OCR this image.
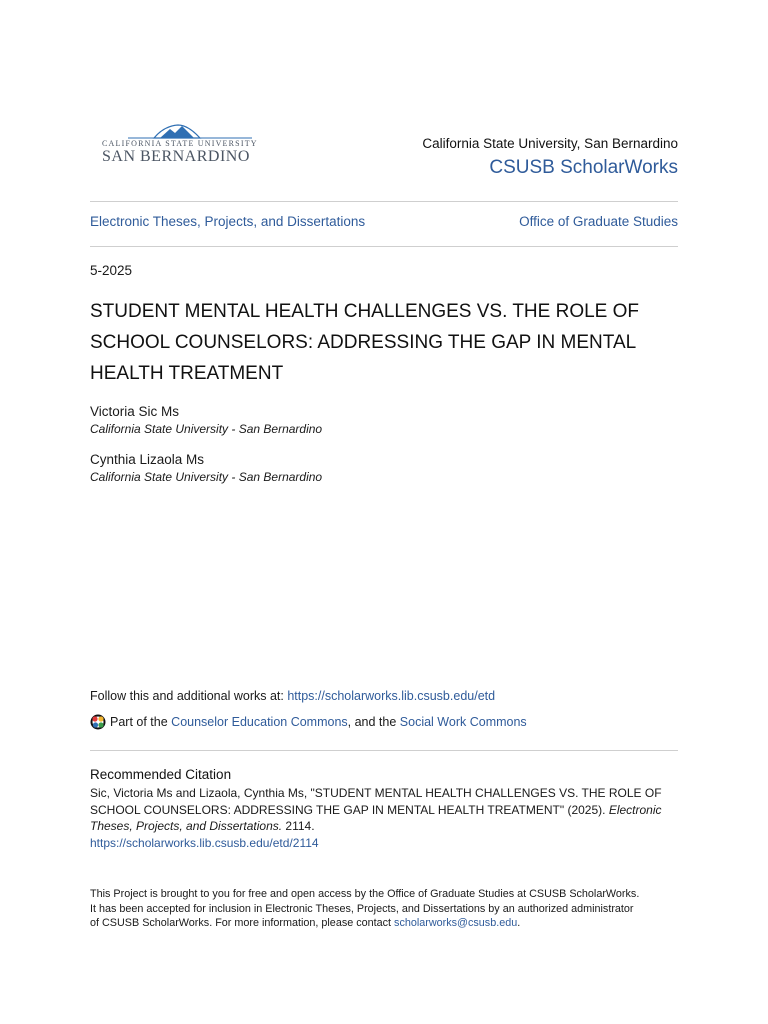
CALIFORNIA STATE UNIVERSITY
SAN BERNARDINO
California State University, San Bernardino
CSUSB ScholarWorks
Electronic Theses, Projects, and Dissertations	Office of Graduate Studies
5-2025
STUDENT MENTAL HEALTH CHALLENGES VS. THE ROLE OF
SCHOOL COUNSELORS: ADDRESSING THE GAP IN MENTAL
HEALTH TREATMENT
Victoria Sic Ms
California State University - San Bernardino
Cynthia Lizaola Ms
California State University - San Bernardino
Follow this and additional works at: https://scholarworks.lib.csusb.edu/etd
Part of the
Counselor Education Commons , and the Social Work Commons
Recommended Citation
Sic, Victoria Ms and Lizaola, Cynthia Ms, "STUDENT MENTAL HEALTH CHALLENGES VS. THE ROLE OF SCHOOL COUNSELORS: ADDRESSING THE GAP IN MENTAL HEALTH TREATMENT" (2025). Electronic Theses, Projects, and Dissertations. 2114.
https://scholarworks.lib.csusb.edu/etd/2114
This Project is brought to you for free and open access by the Office of Graduate Studies at CSUSB ScholarWorks.
It has been accepted for inclusion in Electronic Theses, Projects, and Dissertations by an authorized administrator
of CSUSB ScholarWorks. For more information, please contact scholarworks@csusb.edu.
